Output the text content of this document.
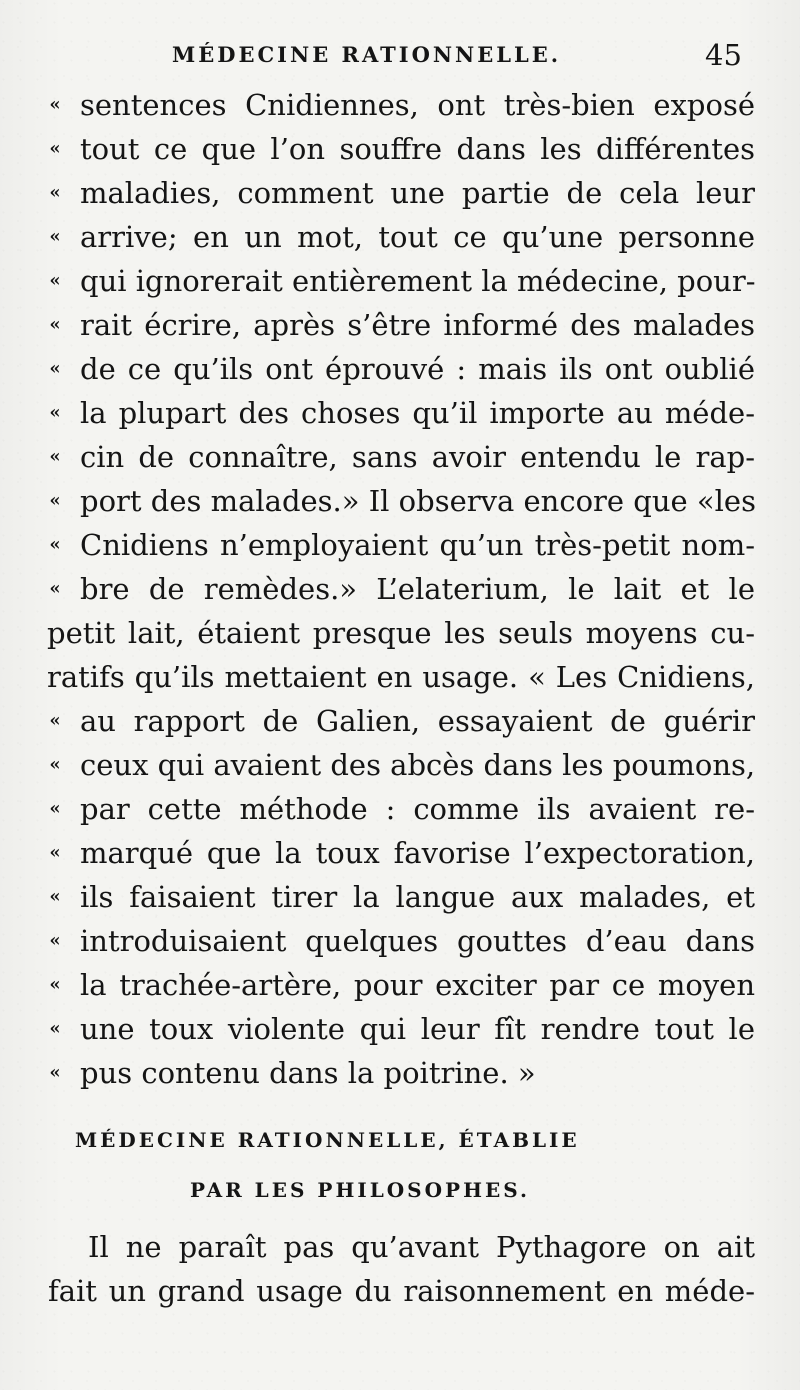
MÉDECINE RATIONNELLE.	45
« sentences Cnidiennes, ont très-bien exposé
« tout ce que l’on souffre dans les différentes
« maladies, comment une partie de cela leur
« arrive; en un mot, tout ce qu’une personne
« qui ignorerait entièrement la médecine, pour-
« rait écrire, après s’être informé des malades
« de ce qu’ils ont éprouvé : mais ils ont oublié
« la plupart des choses qu’il importe au méde-
« cin de connaître, sans avoir entendu le rap-
« port des malades.» Il observa encore que «les
« Cnidiens n’employaient qu’un très-petit nom-
« bre de remèdes.» L’elaterium, le lait et le
petit lait, étaient presque les seuls moyens cu-
ratifs qu’ils mettaient en usage. « Les Cnidiens,
« au rapport de Galien, essayaient de guérir
« ceux qui avaient des abcès dans les poumons,
« par cette méthode : comme ils avaient re-
« marqué que la toux favorise l’expectoration,
« ils faisaient tirer la langue aux malades, et
« introduisaient quelques gouttes d’eau dans
« la trachée-artère, pour exciter par ce moyen
« une toux violente qui leur fît rendre tout le
« pus contenu dans la poitrine. »
MÉDECINE RATIONNELLE, ÉTABLIE
PAR LES PHILOSOPHES.
Il ne paraît pas qu’avant Pythagore on ait
fait un grand usage du raisonnement en méde-
